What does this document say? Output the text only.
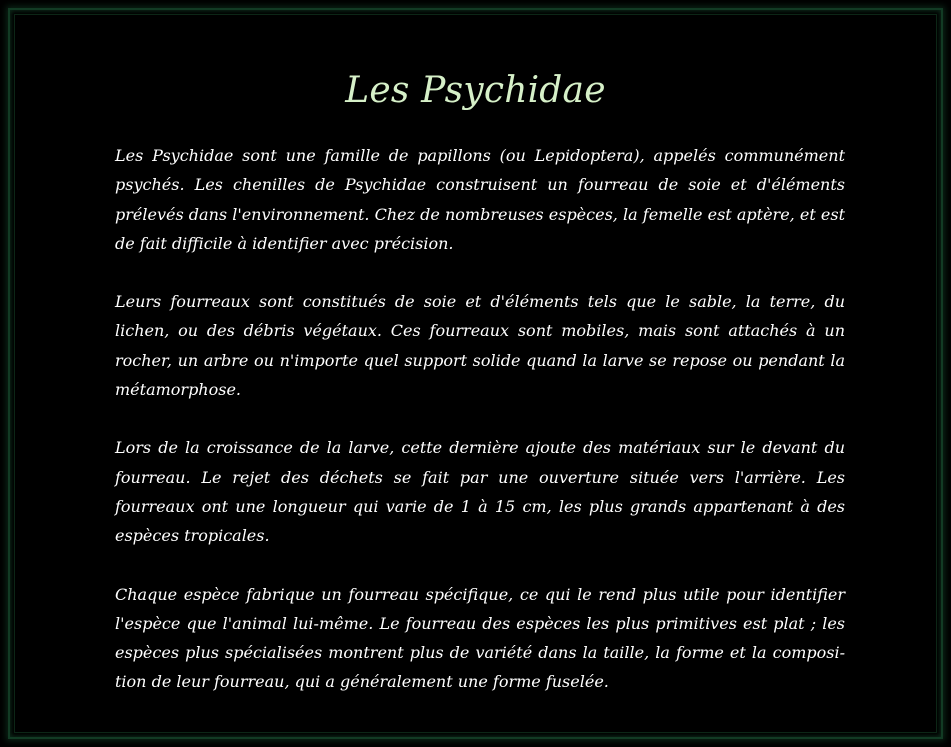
Les Psychidae

Les Psychidae sont une famille de papillons (ou Lepidoptera), appelés communément psychés. Les chenilles de Psychidae construisent un fourreau de soie et d'éléments prélevés dans l'environnement. Chez de nombreuses espèces, la femelle est aptère, et est de fait difficile à identifier avec précision.

Leurs fourreaux sont constitués de soie et d'éléments tels que le sable, la terre, du lichen, ou des débris végétaux. Ces fourreaux sont mobiles, mais sont attachés à un rocher, un arbre ou n'importe quel support solide quand la larve se repose ou pendant la métamorphose.

Lors de la croissance de la larve, cette dernière ajoute des matériaux sur le devant du fourreau. Le rejet des déchets se fait par une ouverture située vers l'arrière. Les fourreaux ont une longueur qui varie de 1 à 15 cm, les plus grands appartenant à des espèces tropicales.

Chaque espèce fabrique un fourreau spécifique, ce qui le rend plus utile pour identifier l'espèce que l'animal lui-même. Le fourreau des espèces les plus primitives est plat ; les espèces plus spécialisées montrent plus de variété dans la taille, la forme et la composition de leur fourreau, qui a généralement une forme fuselée.
